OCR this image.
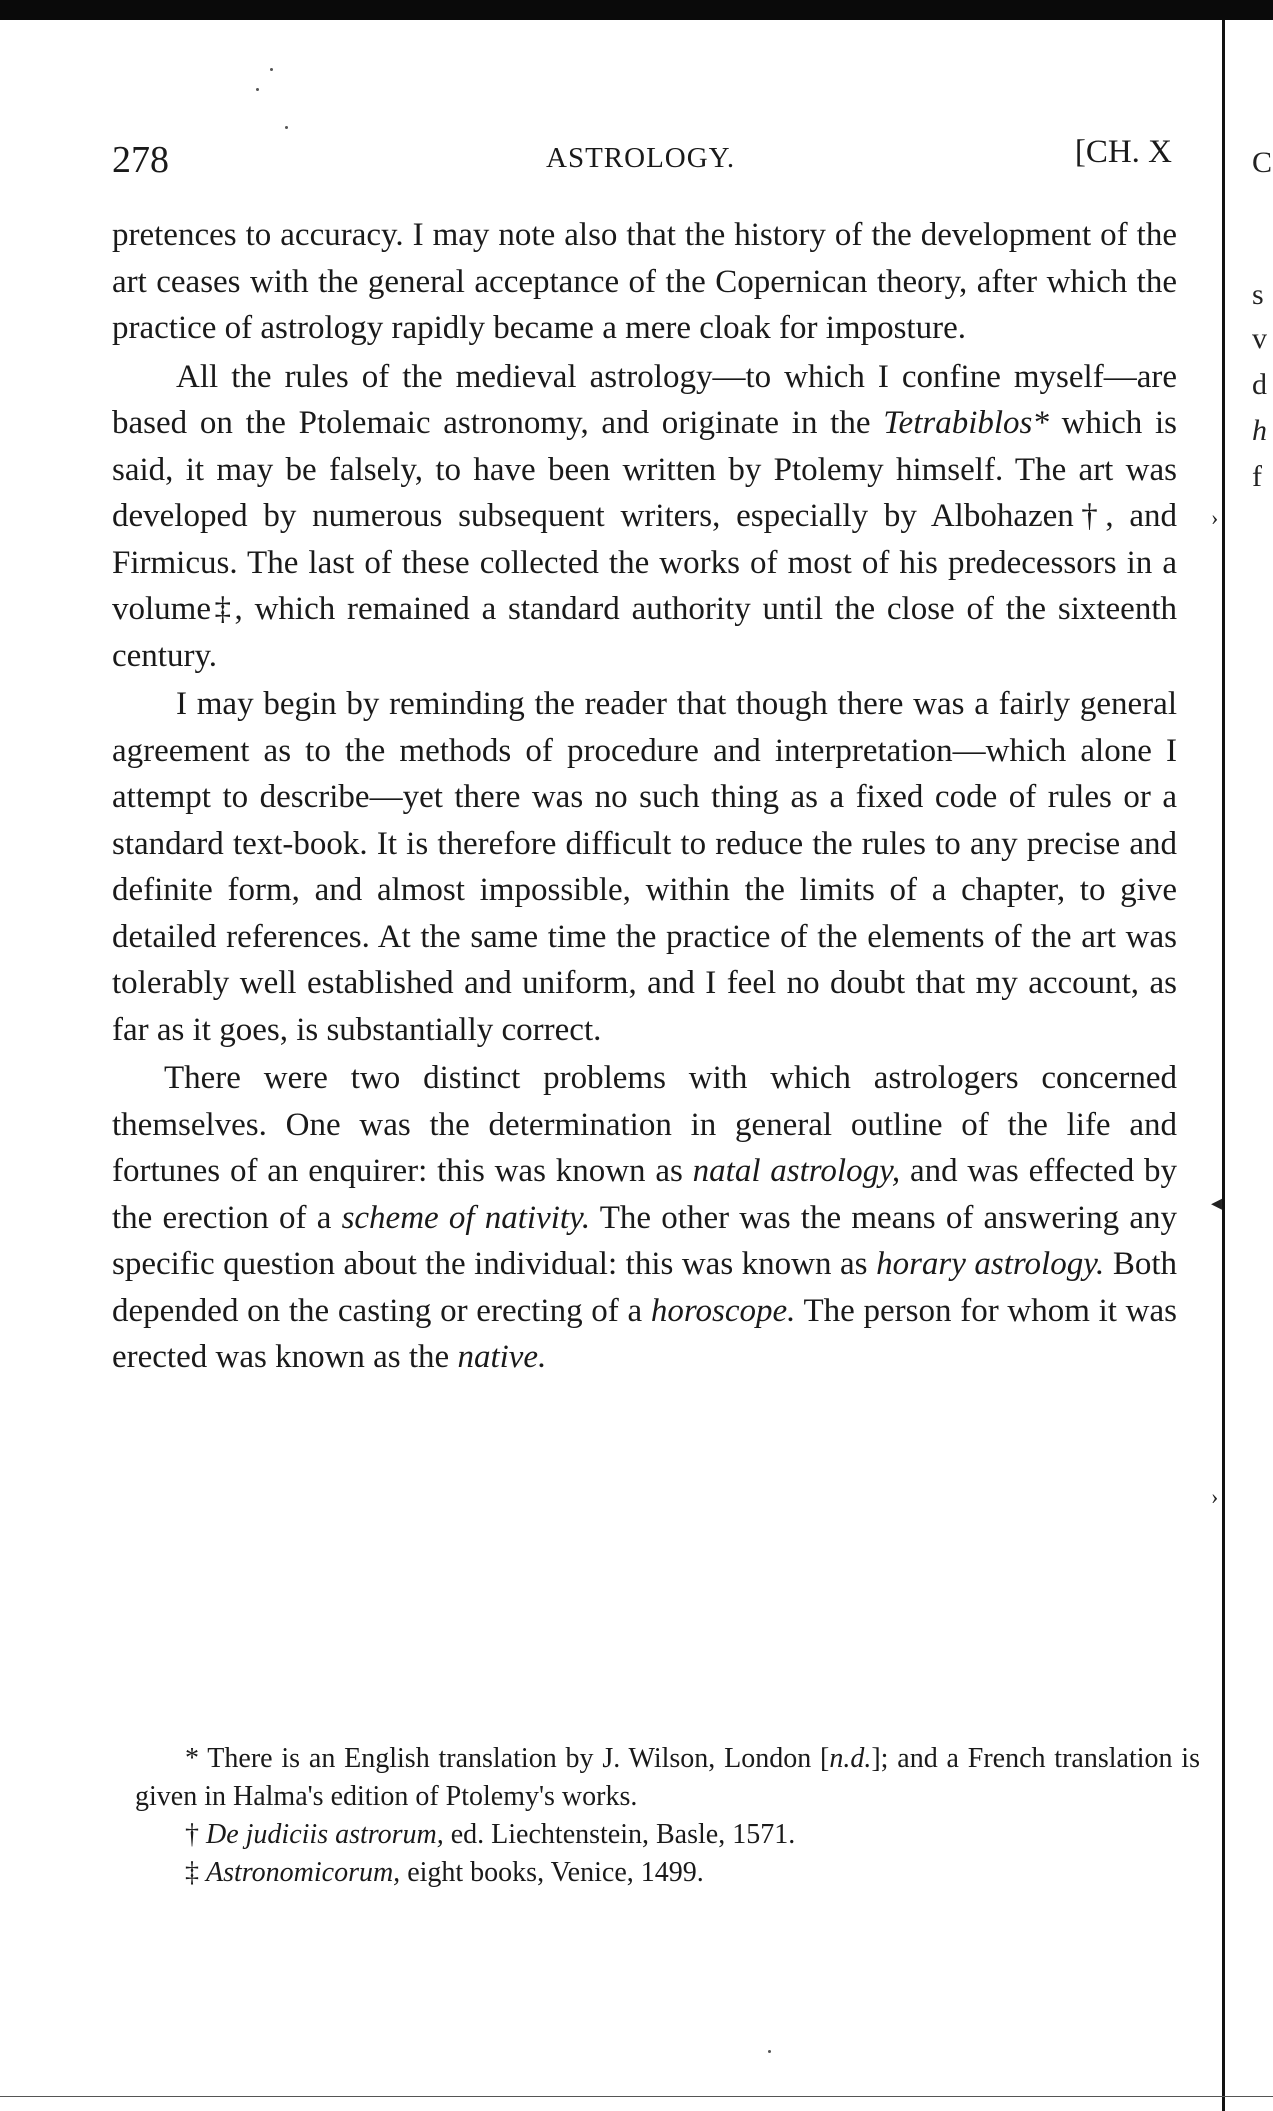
C
s
v
d
h
f
›
◂
›
278	ASTROLOGY.	[CH. X

pretences to accuracy. I may note also that the history of the development of the art ceases with the general acceptance of the Copernican theory, after which the practice of astrology rapidly became a mere cloak for imposture.

All the rules of the medieval astrology—to which I confine myself—are based on the Ptolemaic astronomy, and originate in the Tetrabiblos* which is said, it may be falsely, to have been written by Ptolemy himself. The art was developed by numerous subsequent writers, especially by Albohazen†, and Firmicus. The last of these collected the works of most of his predecessors in a volume‡, which remained a standard authority until the close of the sixteenth century.

I may begin by reminding the reader that though there was a fairly general agreement as to the methods of procedure and interpretation—which alone I attempt to describe—yet there was no such thing as a fixed code of rules or a standard text-book. It is therefore difficult to reduce the rules to any precise and definite form, and almost impossible, within the limits of a chapter, to give detailed references. At the same time the practice of the elements of the art was tolerably well established and uniform, and I feel no doubt that my account, as far as it goes, is substantially correct.

There were two distinct problems with which astrologers concerned themselves. One was the determination in general outline of the life and fortunes of an enquirer: this was known as natal astrology, and was effected by the erection of a scheme of nativity. The other was the means of answering any specific question about the individual: this was known as horary astrology. Both depended on the casting or erecting of a horoscope. The person for whom it was erected was known as the native.

* There is an English translation by J. Wilson, London [n.d.]; and a French translation is given in Halma's edition of Ptolemy's works.

† De judiciis astrorum, ed. Liechtenstein, Basle, 1571.

‡ Astronomicorum, eight books, Venice, 1499.
